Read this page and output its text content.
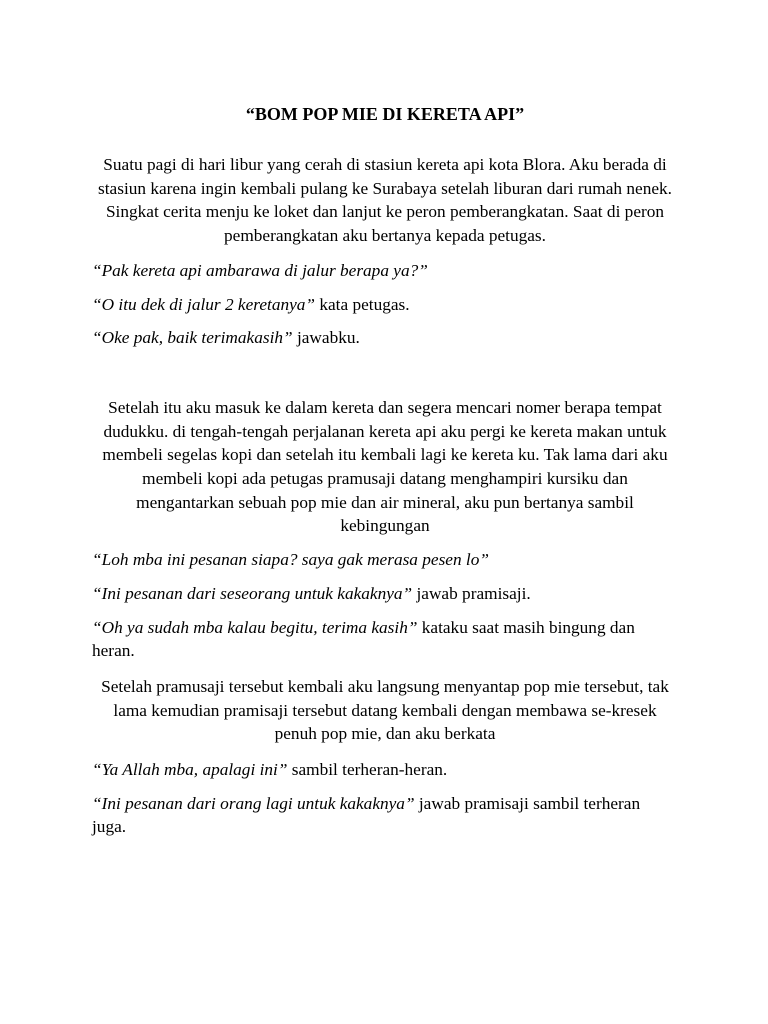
“BOM POP MIE DI KERETA API”

Suatu pagi di hari libur yang cerah di stasiun kereta api kota Blora. Aku berada di stasiun karena ingin kembali pulang ke Surabaya setelah liburan dari rumah nenek. Singkat cerita menju ke loket dan lanjut ke peron pemberangkatan. Saat di peron pemberangkatan aku bertanya kepada petugas.

“Pak kereta api ambarawa di jalur berapa ya?”

“O itu dek di jalur 2 keretanya” kata petugas.

“Oke pak, baik terimakasih” jawabku.

Setelah itu aku masuk ke dalam kereta dan segera mencari nomer berapa tempat dudukku. di tengah-tengah perjalanan kereta api aku pergi ke kereta makan untuk membeli segelas kopi dan setelah itu kembali lagi ke kereta ku. Tak lama dari aku membeli kopi ada petugas pramusaji datang menghampiri kursiku dan mengantarkan sebuah pop mie dan air mineral, aku pun bertanya sambil kebingungan

“Loh mba ini pesanan siapa? saya gak merasa pesen lo”

“Ini pesanan dari seseorang untuk kakaknya” jawab pramisaji.

“Oh ya sudah mba kalau begitu, terima kasih” kataku saat masih bingung dan heran.

Setelah pramusaji tersebut kembali aku langsung menyantap pop mie tersebut, tak lama kemudian pramisaji tersebut datang kembali dengan membawa se-kresek penuh pop mie, dan aku berkata

“Ya Allah mba, apalagi ini” sambil terheran-heran.

“Ini pesanan dari orang lagi untuk kakaknya” jawab pramisaji sambil terheran juga.
